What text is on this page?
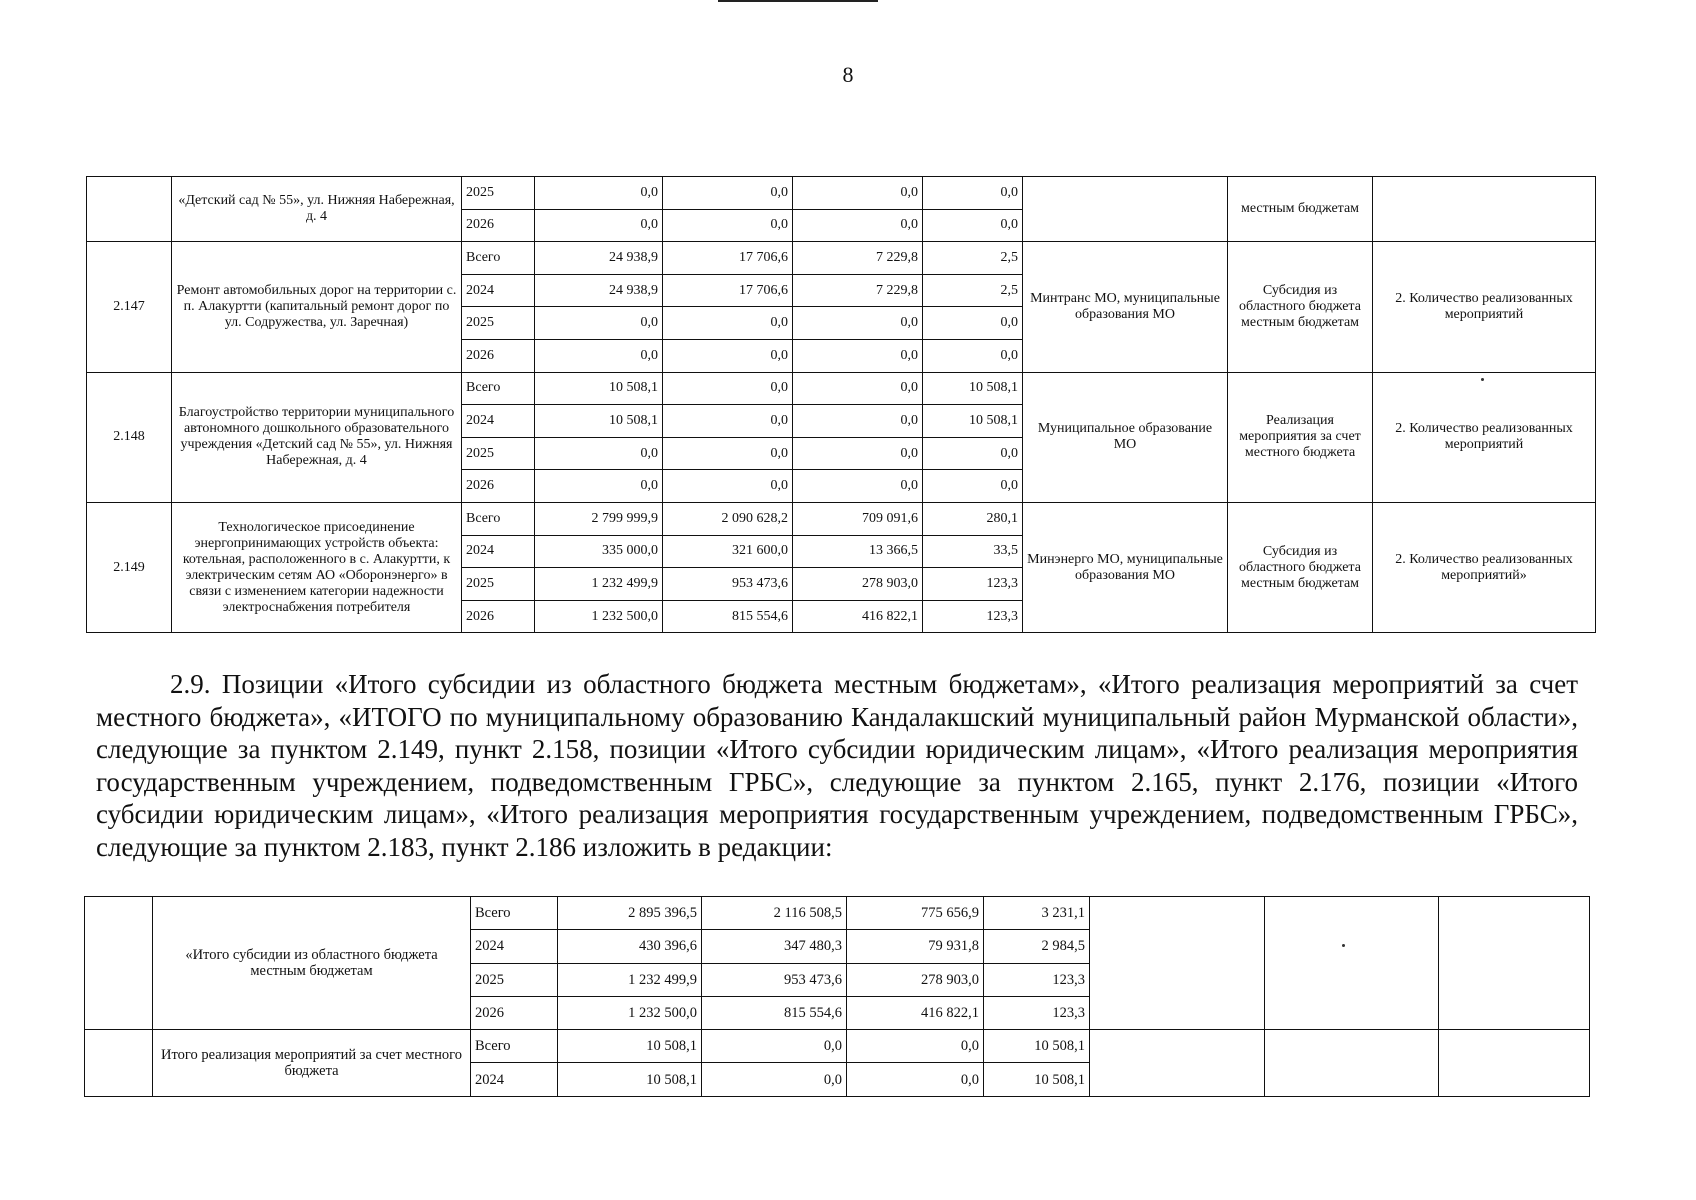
8
	«Детский сад № 55», ул. Нижняя Набережная, д. 4	2025	0,0	0,0	0,0	0,0		местным бюджетам	
		2026	0,0	0,0	0,0	0,0			
2.147	Ремонт автомобильных дорог на территории с. п. Алакуртти (капитальный ремонт дорог по ул. Содружества, ул. Заречная)	Всего	24 938,9	17 706,6	7 229,8	2,5	Минтранс МО, муниципальные образования МО	Субсидия из областного бюджета местным бюджетам	2. Количество реализованных мероприятий
		2024	24 938,9	17 706,6	7 229,8	2,5			
		2025	0,0	0,0	0,0	0,0			
		2026	0,0	0,0	0,0	0,0			
2.148	Благоустройство территории муниципального автономного дошкольного образовательного учреждения «Детский сад № 55», ул. Нижняя Набережная, д. 4	Всего	10 508,1	0,0	0,0	10 508,1	Муниципальное образование МО	Реализация мероприятия за счет местного бюджета	2. Количество реализованных мероприятий
		2024	10 508,1	0,0	0,0	10 508,1			
		2025	0,0	0,0	0,0	0,0			
		2026	0,0	0,0	0,0	0,0			
2.149	Технологическое присоединение энергопринимающих устройств объекта: котельная, расположенного в с. Алакуртти, к электрическим сетям АО «Оборонэнерго» в связи с изменением категории надежности электроснабжения потребителя	Всего	2 799 999,9	2 090 628,2	709 091,6	280,1	Минэнерго МО, муниципальные образования МО	Субсидия из областного бюджета местным бюджетам	2. Количество реализованных мероприятий»
		2024	335 000,0	321 600,0	13 366,5	33,5			
		2025	1 232 499,9	953 473,6	278 903,0	123,3			
		2026	1 232 500,0	815 554,6	416 822,1	123,3			
2.9. Позиции «Итого субсидии из областного бюджета местным бюджетам», «Итого реализация мероприятий за счет местного бюджета», «ИТОГО по муниципальному образованию Кандалакшский муниципальный район Мурманской области», следующие за пунктом 2.149, пункт 2.158, позиции «Итого субсидии юридическим лицам», «Итого реализация мероприятия государственным учреждением, подведомственным ГРБС», следующие за пунктом 2.165, пункт 2.176, позиции «Итого субсидии юридическим лицам», «Итого реализация мероприятия государственным учреждением, подведомственным ГРБС», следующие за пунктом 2.183, пункт 2.186 изложить в редакции:
	«Итого субсидии из областного бюджета местным бюджетам	Всего	2 895 396,5	2 116 508,5	775 656,9	3 231,1			
		2024	430 396,6	347 480,3	79 931,8	2 984,5			
		2025	1 232 499,9	953 473,6	278 903,0	123,3			
		2026	1 232 500,0	815 554,6	416 822,1	123,3			
	Итого реализация мероприятий за счет местного бюджета	Всего	10 508,1	0,0	0,0	10 508,1			
		2024	10 508,1	0,0	0,0	10 508,1			
